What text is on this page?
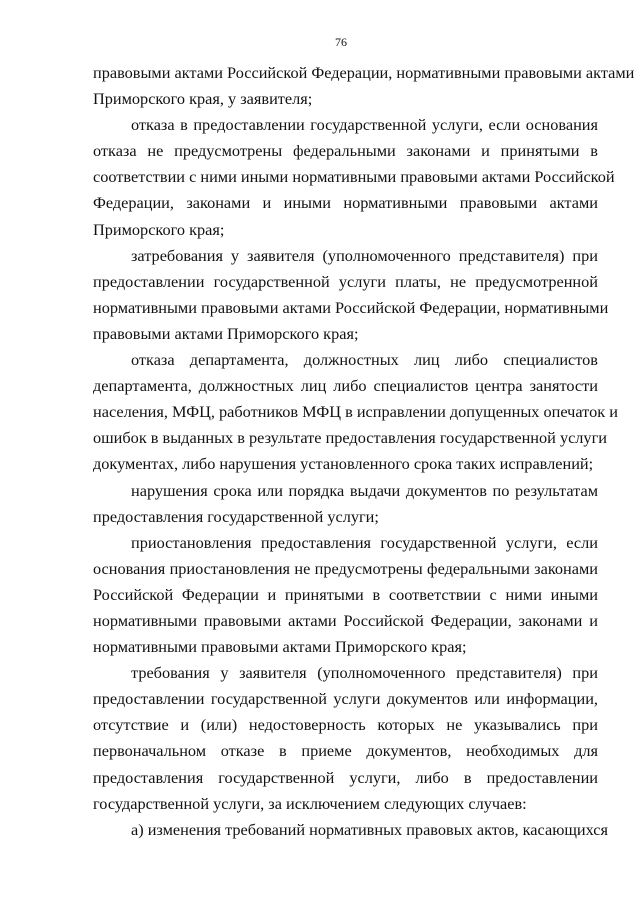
76
правовыми актами Российской Федерации, нормативными правовыми актами
Приморского края, у заявителя;
отказа в предоставлении государственной услуги, если основания
отказа не предусмотрены федеральными законами и принятыми в
соответствии с ними иными нормативными правовыми актами Российской
Федерации, законами и иными нормативными правовыми актами
Приморского края;
затребования у заявителя (уполномоченного представителя) при
предоставлении государственной услуги платы, не предусмотренной
нормативными правовыми актами Российской Федерации, нормативными
правовыми актами Приморского края;
отказа департамента, должностных лиц либо специалистов
департамента, должностных лиц либо специалистов центра занятости
населения, МФЦ, работников МФЦ в исправлении допущенных опечаток и
ошибок в выданных в результате предоставления государственной услуги
документах, либо нарушения установленного срока таких исправлений;
нарушения срока или порядка выдачи документов по результатам
предоставления государственной услуги;
приостановления предоставления государственной услуги, если
основания приостановления не предусмотрены федеральными законами
Российской Федерации и принятыми в соответствии с ними иными
нормативными правовыми актами Российской Федерации, законами и
нормативными правовыми актами Приморского края;
требования у заявителя (уполномоченного представителя) при
предоставлении государственной услуги документов или информации,
отсутствие и (или) недостоверность которых не указывались при
первоначальном отказе в приеме документов, необходимых для
предоставления государственной услуги, либо в предоставлении
государственной услуги, за исключением следующих случаев:
а) изменения требований нормативных правовых актов, касающихся
